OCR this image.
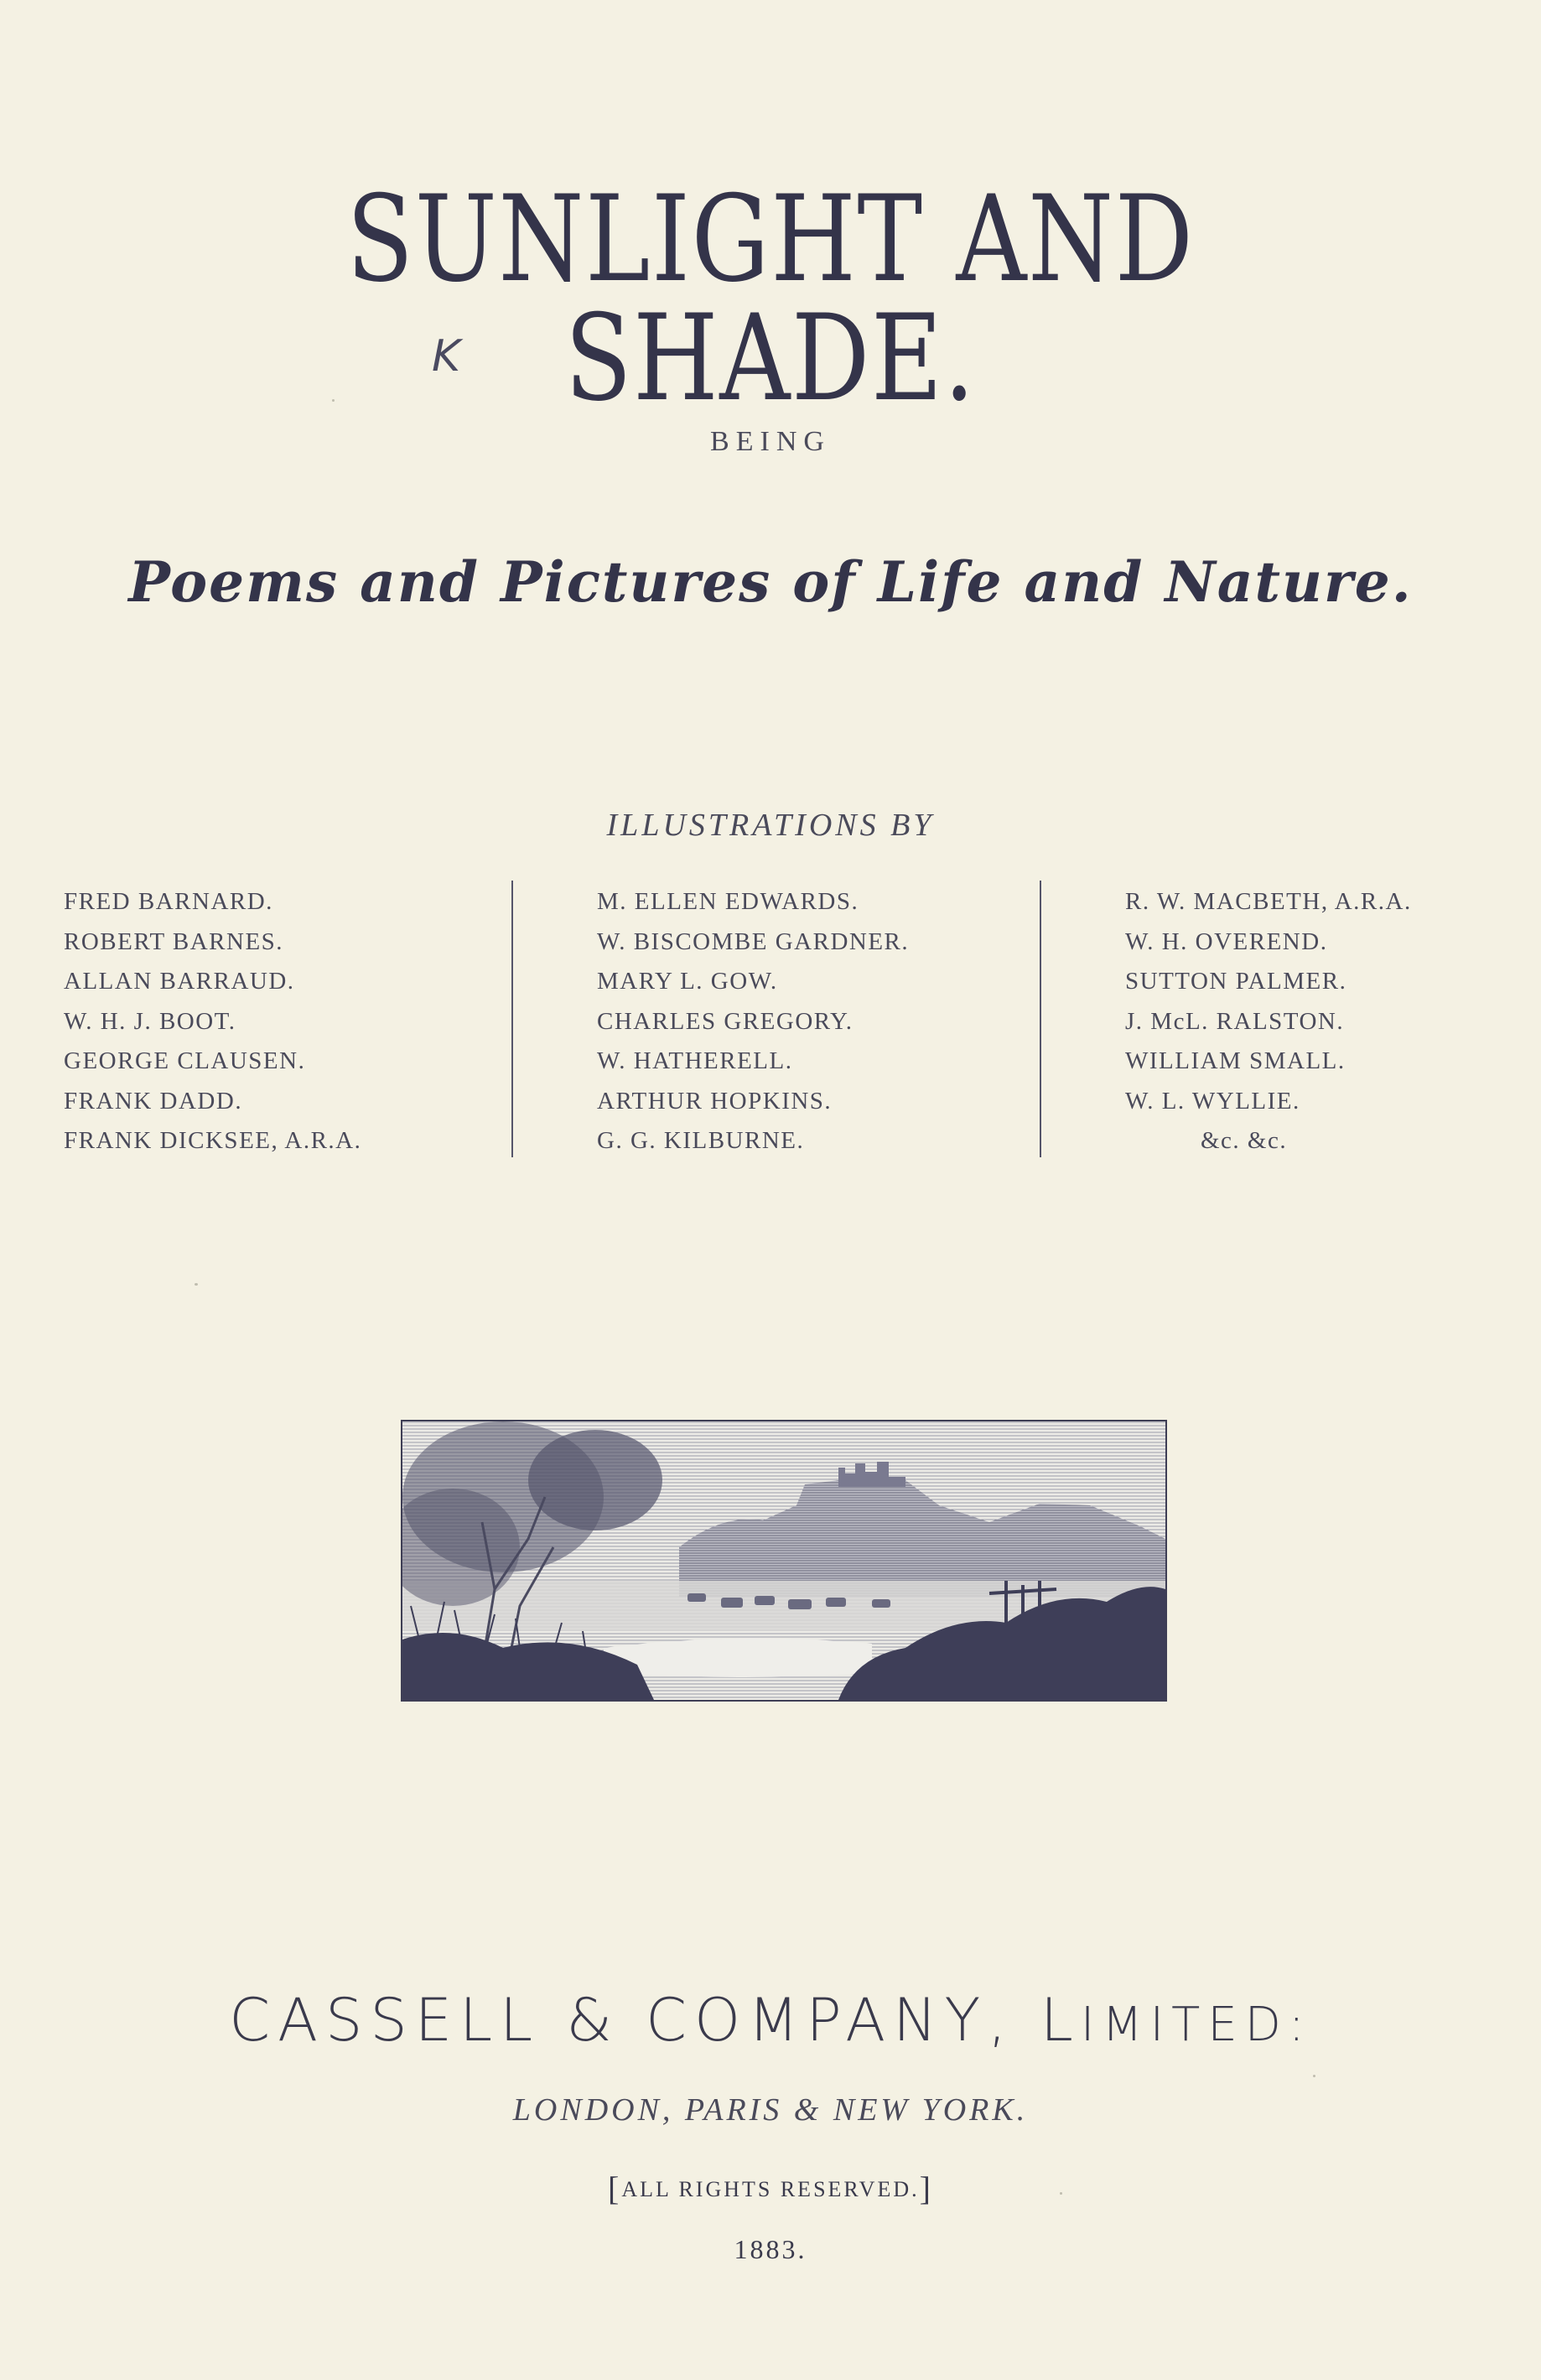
SUNLIGHT AND SHADE.
K
BEING
Poems and Pictures of Life and Nature.
ILLUSTRATIONS BY
FRED BARNARD.
ROBERT BARNES.
ALLAN BARRAUD.
W. H. J. BOOT.
GEORGE CLAUSEN.
FRANK DADD.
FRANK DICKSEE, A.R.A.
M. ELLEN EDWARDS.
W. BISCOMBE GARDNER.
MARY L. GOW.
CHARLES GREGORY.
W. HATHERELL.
ARTHUR HOPKINS.
G. G. KILBURNE.
R. W. MACBETH, A.R.A.
W. H. OVEREND.
SUTTON PALMER.
J. McL. RALSTON.
WILLIAM SMALL.
W. L. WYLLIE.
&c. &c.
CASSELL & COMPANY, LIMITED:
LONDON, PARIS & NEW YORK.
[ALL RIGHTS RESERVED.]
1883.
